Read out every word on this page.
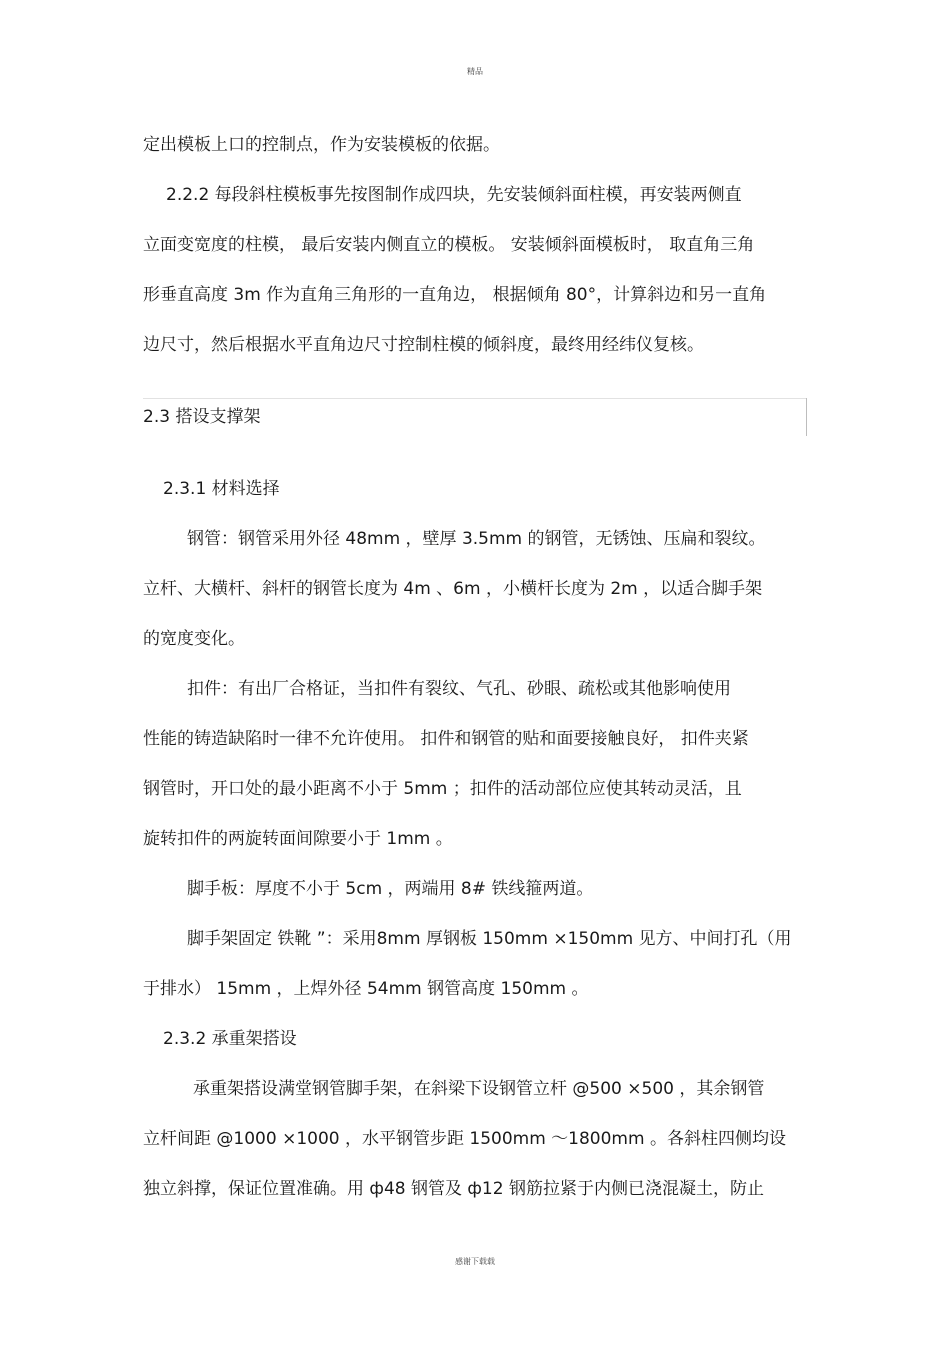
精品
定出模板上口的控制点，作为安装模板的依据。
2.2.2 每段斜柱模板事先按图制作成四块，先安装倾斜面柱模，再安装两侧直
立面变宽度的柱模， 最后安装内侧直立的模板。 安装倾斜面模板时， 取直角三角
形垂直高度 3m 作为直角三角形的一直角边， 根据倾角 80°，计算斜边和另一直角
边尺寸，然后根据水平直角边尺寸控制柱模的倾斜度，最终用经纬仪复核。
2.3 搭设支撑架
2.3.1 材料选择
钢管：钢管采用外径 48mm ，壁厚 3.5mm 的钢管，无锈蚀、压扁和裂纹。
立杆、大横杆、斜杆的钢管长度为 4m 、6m ，小横杆长度为 2m ，以适合脚手架
的宽度变化。
扣件：有出厂合格证，当扣件有裂纹、气孔、砂眼、疏松或其他影响使用
性能的铸造缺陷时一律不允许使用。 扣件和钢管的贴和面要接触良好， 扣件夹紧
钢管时，开口处的最小距离不小于 5mm ；扣件的活动部位应使其转动灵活，且
旋转扣件的两旋转面间隙要小于 1mm 。
脚手板：厚度不小于 5cm ，两端用 8# 铁线箍两道。
脚手架固定 铁靴 ”：采用8mm 厚钢板 150mm ×150mm 见方、中间打孔（用
于排水） 15mm ，上焊外径 54mm 钢管高度 150mm 。
2.3.2 承重架搭设
承重架搭设满堂钢管脚手架，在斜梁下设钢管立杆 @500 ×500 ，其余钢管
立杆间距 @1000 ×1000 ，水平钢管步距 1500mm ～1800mm 。各斜柱四侧均设
独立斜撑，保证位置准确。用 ф48 钢管及 ф12 钢筋拉紧于内侧已浇混凝土，防止
感谢下载载
